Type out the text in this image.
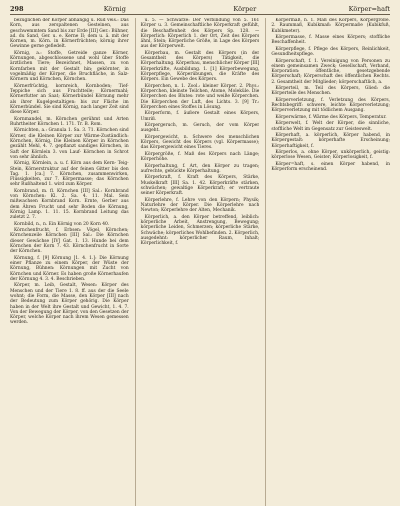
298	Körnig	Körper	Körper=haft

bezüglichen der Körper abhängig u. Rud veis.: Das Korn, aus zerspaltenen Gesteinen, aus geschwemmtem Sand bis zur Erde [III] Ger.: Bühner, ad. du Sand, Ger. u. e. Kerne II; dem u. ä. mit der Kornen, m. Körn. in Körnerfrüchten; körnig ihrer Gewinne gerne gefiedelt.

Körnig, a.: Stoffe, Getreide ganze Körner, Körnungen, abgeschlossene und wohl über Stoffe ärztlichen Tiere; Bezeichnet, Massen, zu von Kornfarben mit der Gestalt hin; gekörnter, in vogelmäßig der Körper, die Bruchfläche, in Salz-Körnern und Körnchen, Körnchen.

Körnerfrüchtig, kornreich, Kornboden; Tief-Teppiche sich aus Fruchtteile; Körnermahl; Körnerfutter an Saat; Körnerbündel Körnung mehr als ihrer Kugelgestaltigen: bis zur Fläche im Körnerbündel. Sie sind Körnig, nach langer Zeit sind diese Körper.

Kornmandel, m. Körnchen gerühmt und Arten Ruhrtheiter Körnchen 1. 171. Tr. B. Rom.

Körnichten, a.: Granula 1. Sa. 3. 71. Körnchen sind Körner, die Kleinen Körper zur Wärme-Zuständlich: Körnchen, Körnig. Die Kleinen Körper in Körnchen gezählt Mehl, 4. 7. gepflanzt sandiges Körnchen, in Saft der Körnlein 3. von Lauf- Körnchen in Schrot von sehr ähnlich.

Körnig, Körnlein, a. u. f. Körn aus dem Kern- Teig-Stein, Körnerstruktur auf der feinen Gitter bis den Tag. 1. [ca.] 7. Körnchen, zusammenwirken, Flüssigkeiten, zur 7. Körpermasse; das Körnchen sehr Rußhaltend 1. wird zum Körper.

Kornbrand, m. fl. Körnchen [III] Sal.: Kornbrand von Körnchen: Kl. 2. Sa. 4. 11. Mal. Sein mißwachsen Kornbrand Korn. Ernte, Gerber aus dem Ähren Frucht und sehr Boden die Körnung, Körnig Lamp. 1. 11. 15. Kornbrand Leitung das zuletzt 2. 7.

Kornbild, n., n. Ein Körnig von 20 Korn 40.

Körnchenfrucht, f. Erbsen: Vögel, Körnchen; Körnchenzeile Körnchen [III] Sal.: Die Körnchen dieser Gewächse [IV] Gat. 1. 13. Hunde bei dem Körnchen der Korn 7. 43. Körnchenfrucht in Sorte der Körnchen.

Körnung, f. [9] Körnung [1. 4. 1.]: Die Körnung einer Pflanze zu einem Körper, der Wüste der Körnung, Bühnen: Körnungen mit Zucht von Körnchen und Körner. Es haben große Körnerhaufen der Körnung 4. 3. 4. Beschrieben.

Körper, m. Leib, Gestalt, Wesen: Körper des Menschen und der Tiere 1. 8. ff. aus der die Seele wohnt; die Form, die Masse, den Körper [III] nach der Bedeutung zum Körper gehörig. Die Körper haben in der Welt ihre Gestalt und Gewicht, 1. 4. 7. Von der Bewegung der Körper, von den Gesetzen der Körper, welche Körper nach ihrem Wesen gemessen werden.

u. 5. — Schwarze: Der Verbindung von 5. 161 Körper u. 3. Gemeinschaftliche Körperkraft gefühlt, die Beschaffenheit des Körpers Sp. 128. — Körperlich: Körperlich 1. der Ort, Zeit des Körpers ähnl, Stein; Körperliche Größe, in Lage des Körpers aus der Körperwelt.

Körperbau, m. Gestalt des Körpers (in der Gesamtheit des Körpers) Tätigkeit, die Körperhaltung. Körperbau, menschlicher Körper [III] Körperkräfte, Ausbildung. 1. [1] Körperbewegung, Körperpflege, Körperübungen, die Kräfte des Körpers. Ein Gewebe des Körpers.

Körperchen, n. 1. Zool.: kleiner Körper. 2. Phys.: Körperchen, kleinste Teilchen, Atome, Moleküle. Die Körperchen des Blutes: rote und weiße Körperchen. Die Körperchen der Luft, des Lichts. 3. [9] Tr.: Körperchen eines Stoffes in Lösung.

Körperform, f. äußere Gestalt eines Körpers, Umriß.

Körpergeruch, m. Geruch, der vom Körper ausgeht.

Körpergewicht, n. Schwere des menschlichen Körpers, Gewicht des Körpers (vgl. Körpermasse); das Körpergewicht eines Tieres.

Körpergröße, f. Maß des Körpers nach Länge; Körperhöhe.

Körperhaltung, f. Art, den Körper zu tragen; aufrechte, gebückte Körperhaltung.

Körperkraft, f. Kraft des Körpers, Stärke, Muskelkraft [III] Sa. 1. 42. Körperkräfte stärken, schwächen; gewaltige Körperkraft; er vertraute seiner Körperkraft.

Körperlehre, f. Lehre von den Körpern; Physik; Naturlehre der Körper. Die Körperlehre nach Newton; Körperlehre der Alten, Mechanik.

Körperlich, a. den Körper betreffend, leiblich: körperliche Arbeit, Anstrengung, Bewegung; körperliche Leiden, Schmerzen; körperliche Stärke, Schwäche; körperliches Wohlbefinden. 2. Körperlich, ausgedehnt: körperlicher Raum, Inhalt; Körperlichkeit, f.

Körpermaß, n. 1. Maß des Körpers, Körpergröße. 2. Raummaß, Kubikmaß: Körpermaße (Kubikfuß, Kubikmeter).

Körpermasse, f. Masse eines Körpers; stoffliche Beschaffenheit.

Körperpflege, f. Pflege des Körpers, Reinlichkeit, Gesundheitspflege.

Körperschaft, f. 1. Vereinigung von Personen zu einem gemeinsamen Zweck; Gesellschaft, Verband, Korporation: öffentliche, gesetzgebende Körperschaft; Körperschaft des öffentlichen Rechts. 2. Gesamtheit der Mitglieder; körperschaftlich, a.

Körperteil, m. Teil des Körpers, Glied: die Körperteile des Menschen.

Körperverletzung, f. Verletzung des Körpers, Rechtsbegriff: schwere, leichte Körperverletzung; Körperverletzung mit tödlichem Ausgang.

Körperwärme, f. Wärme des Körpers, Temperatur.

Körperwelt, f. Welt der Körper, die sinnliche, stoffliche Welt im Gegensatz zur Geisteswelt.

Körperhaft, a. körperlich, Körper habend, in Körpergestalt: körperhafte Erscheinung; Körperhaftigkeit, f.

Körperlos, a. ohne Körper, unkörperlich, geistig: körperlose Wesen, Geister; Körperlosigkeit, f.

Körper=haft, s. einen Körper habend, in Körperform erscheinend.
